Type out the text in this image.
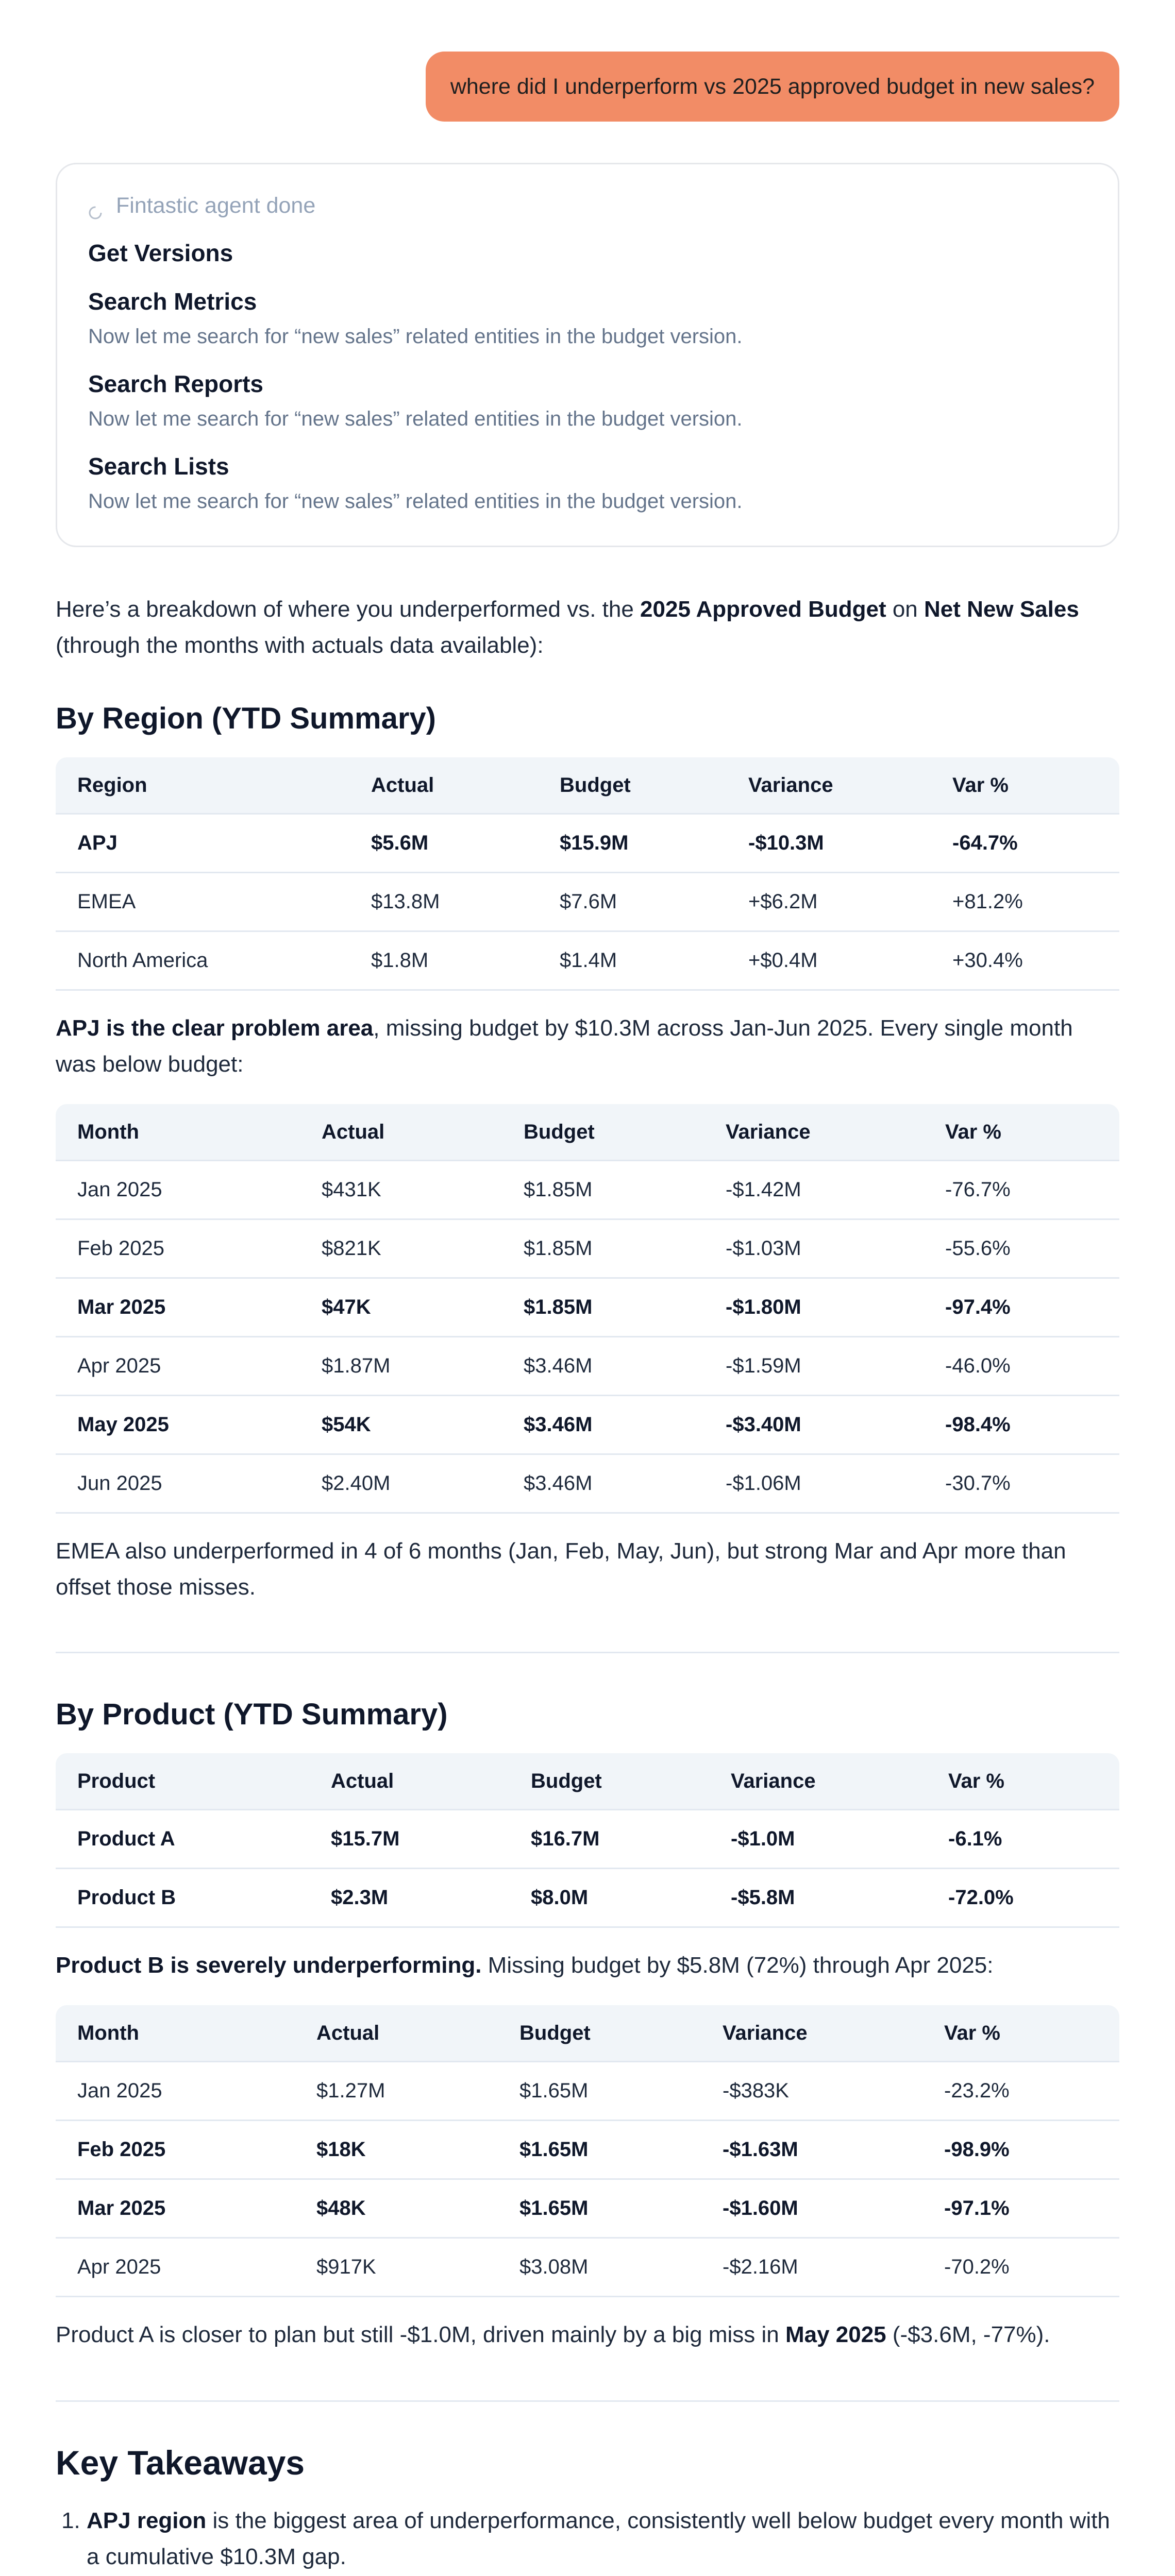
where did I underperform vs 2025 approved budget in new sales?
Fintastic agent done
Get Versions
Search Metrics
Now let me search for “new sales” related entities in the budget version.
Search Reports
Now let me search for “new sales” related entities in the budget version.
Search Lists
Now let me search for “new sales” related entities in the budget version.
Here’s a breakdown of where you underperformed vs. the 2025 Approved Budget on Net New Sales (through the months with actuals data available):
By Region (YTD Summary)
Region	Actual	Budget	Variance	Var %
APJ	$5.6M	$15.9M	-$10.3M	-64.7%
EMEA	$13.8M	$7.6M	+$6.2M	+81.2%
North America	$1.8M	$1.4M	+$0.4M	+30.4%
APJ is the clear problem area, missing budget by $10.3M across Jan-Jun 2025. Every single month was below budget:
Month	Actual	Budget	Variance	Var %
Jan 2025	$431K	$1.85M	-$1.42M	-76.7%
Feb 2025	$821K	$1.85M	-$1.03M	-55.6%
Mar 2025	$47K	$1.85M	-$1.80M	-97.4%
Apr 2025	$1.87M	$3.46M	-$1.59M	-46.0%
May 2025	$54K	$3.46M	-$3.40M	-98.4%
Jun 2025	$2.40M	$3.46M	-$1.06M	-30.7%
EMEA also underperformed in 4 of 6 months (Jan, Feb, May, Jun), but strong Mar and Apr more than offset those misses.
By Product (YTD Summary)
Product	Actual	Budget	Variance	Var %
Product A	$15.7M	$16.7M	-$1.0M	-6.1%
Product B	$2.3M	$8.0M	-$5.8M	-72.0%
Product B is severely underperforming. Missing budget by $5.8M (72%) through Apr 2025:
Month	Actual	Budget	Variance	Var %
Jan 2025	$1.27M	$1.65M	-$383K	-23.2%
Feb 2025	$18K	$1.65M	-$1.63M	-98.9%
Mar 2025	$48K	$1.65M	-$1.60M	-97.1%
Apr 2025	$917K	$3.08M	-$2.16M	-70.2%
Product A is closer to plan but still -$1.0M, driven mainly by a big miss in May 2025 (-$3.6M, -77%).
Key Takeaways
1. APJ region is the biggest area of underperformance, consistently well below budget every month with a cumulative $10.3M gap.
